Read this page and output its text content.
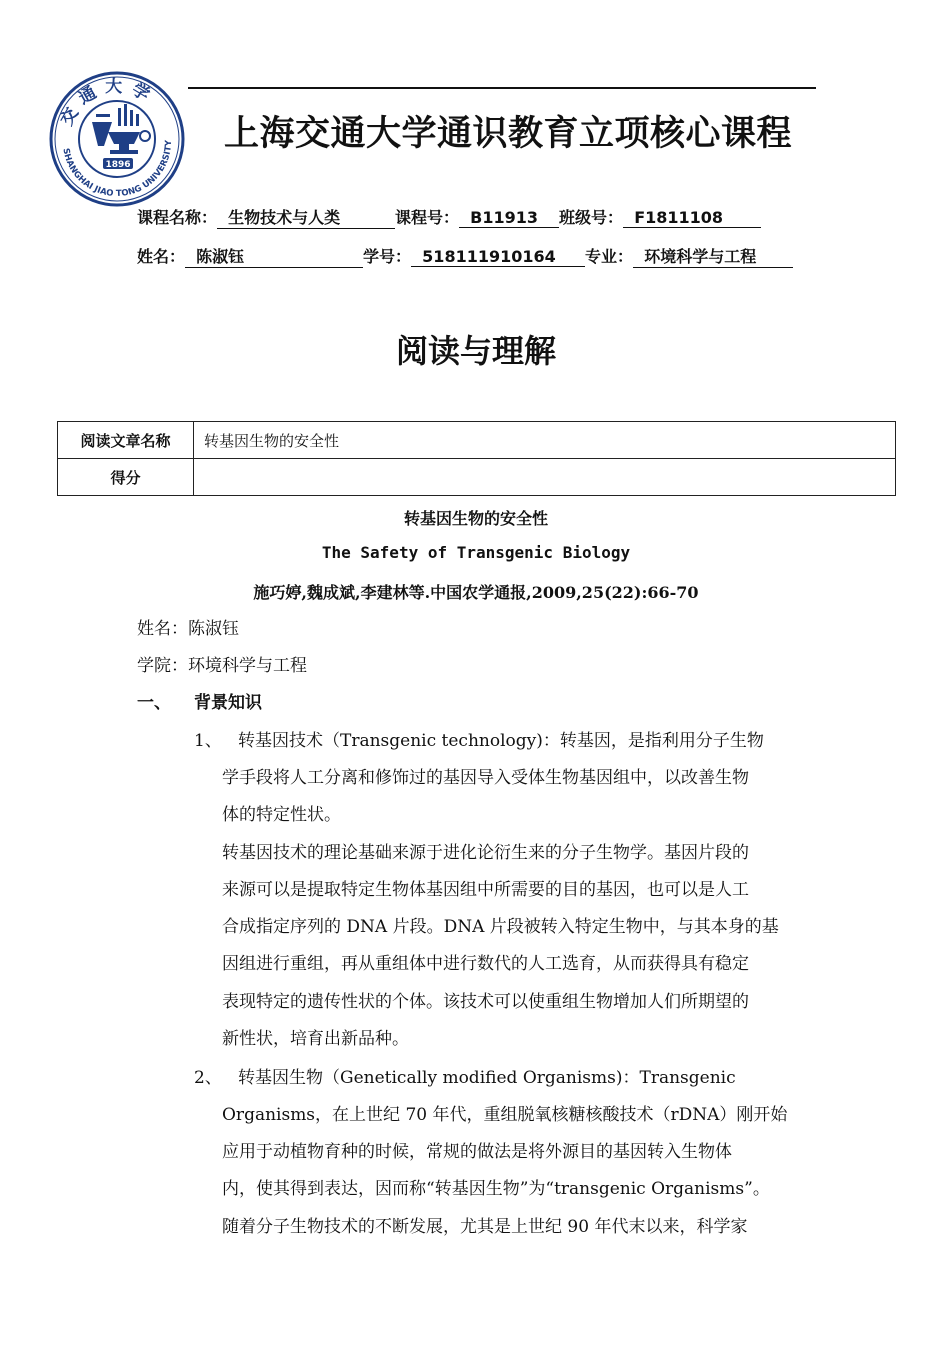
交通大学
SHANGHAI JIAO TONG UNIVERSITY
1896
上海交通大学通识教育立项核心课程
课程名称： 生物技术与人类	课程号： B11913 班级号： F1811108
姓名： 陈淑钰	学号： 518111910164 专业： 环境科学与工程
阅读与理解
阅读文章名称	转基因生物的安全性
得分	
转基因生物的安全性
The Safety of Transgenic Biology
施巧婷,魏成斌,李建林等.中国农学通报,2009,25(22):66-70
姓名：陈淑钰
学院：环境科学与工程
一、 背景知识
1、 转基因技术（Transgenic technology)：转基因，是指利用分子生物
学手段将人工分离和修饰过的基因导入受体生物基因组中，以改善生物
体的特定性状。
转基因技术的理论基础来源于进化论衍生来的分子生物学。基因片段的
来源可以是提取特定生物体基因组中所需要的目的基因，也可以是人工
合成指定序列的 DNA 片段。DNA 片段被转入特定生物中，与其本身的基
因组进行重组，再从重组体中进行数代的人工选育，从而获得具有稳定
表现特定的遗传性状的个体。该技术可以使重组生物增加人们所期望的
新性状，培育出新品种。
2、 转基因生物（Genetically modified Organisms)：Transgenic
Organisms，在上世纪 70 年代，重组脱氧核糖核酸技术（rDNA）刚开始
应用于动植物育种的时候，常规的做法是将外源目的基因转入生物体
内，使其得到表达，因而称“转基因生物”为“transgenic Organisms”。
随着分子生物技术的不断发展，尤其是上世纪 90 年代末以来，科学家
